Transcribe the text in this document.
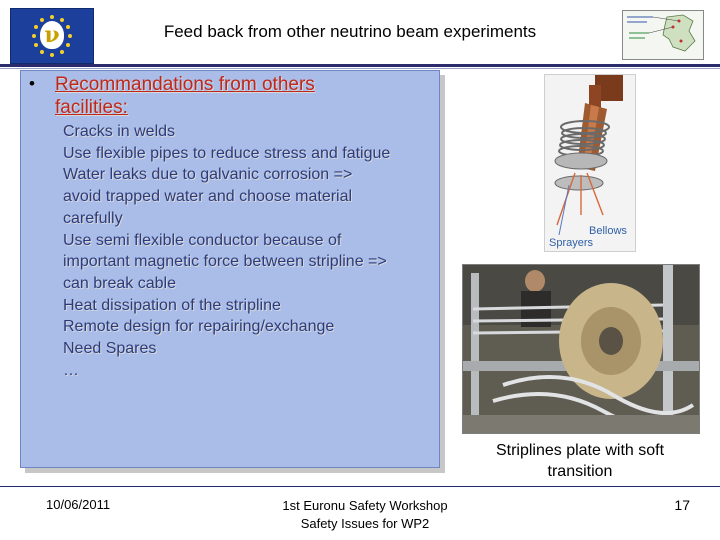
ν	Feed back from other neutrino beam experiments
• Recommandations from others facilities:
Cracks in welds
Use flexible pipes to reduce stress and fatigue
Water leaks due to galvanic corrosion =>
avoid trapped water and choose material
carefully
Use semi flexible conductor because of
important magnetic force between stripline =>
can break cable
Heat dissipation of the stripline
Remote design for repairing/exchange
Need Spares
…
Bellows
Sprayers
Striplines plate with soft transition
10/06/2011	1st Euronu Safety Workshop
Safety Issues for WP2
17
